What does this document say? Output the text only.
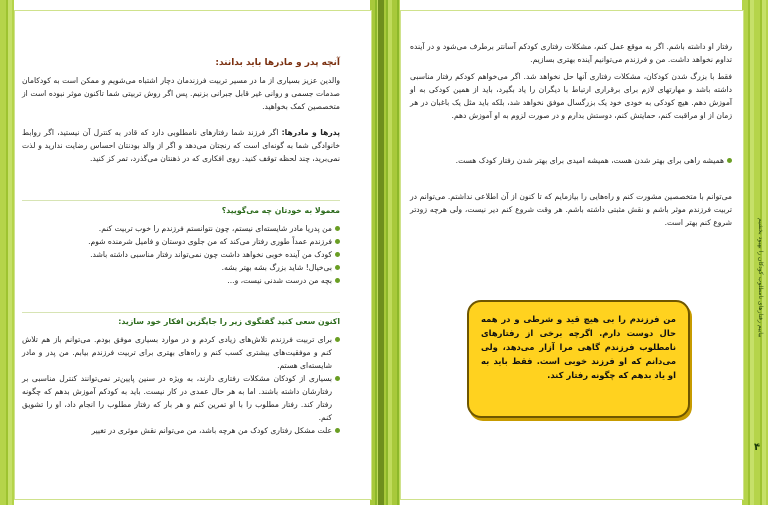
آنچه پدر و مادرها باید بدانند:

والدین عزیز بسیاری از ما در مسیر تربیت فرزندمان دچار اشتباه می‌شویم و ممکن است به کودکامان صدمات جسمی و روانی غیر قابل جبرانی بزنیم. پس اگر روش تربیتی شما تاکنون موثر نبوده است از متخصصین کمک بخواهید.

پدرها و مادرها: اگر فرزند شما رفتارهای نامطلوبی دارد که قادر به کنترل آن نیستید، اگر روابط خانوادگی شما به گونه‌ای است که رنجتان می‌دهد و اگر از والد بودنتان احساس رضایت ندارید و لذت نمی‌برید، چند لحظه توقف کنید. روی افکاری که در ذهنتان می‌گذرد، تمر کز کنید.

معمولا به خودتان چه می‌گویید؟

من پدریا مادر شایسته‌ای نیستم، چون نتوانستم فرزندم را خوب تربیت کنم.

فرزندم عمداً طوری رفتار می‌کند که من جلوی دوستان و فامیل شرمنده شوم.

کودک من آینده خوبی نخواهد داشت چون نمی‌تواند رفتار مناسبی داشته باشد.

بی‌خیال! شاید بزرگ بشه بهتر بشه.

بچه من درست شدنی نیست، و...

اکنون سعی کنید گفتگوی زیر را جایگزین افکار خود سازید:

برای تربیت فرزندم تلاش‌های زیادی کردم و در موارد بسیاری موفق بودم. می‌توانم باز هم تلاش کنم و موفقیت‌های بیشتری کسب کنم و راه‌های بهتری برای تربیت فرزندم بیابم. من پدر و مادر شایسته‌ای هستم.

بسیاری از کودکان مشکلات رفتاری دارند، به ویژه در سنین پایین‌تر نمی‌توانند کنترل مناسبی بر رفتارشان داشته باشند. اما به هر حال عمدی در کار نیست. باید به کودکم آموزش بدهم که چگونه رفتار کند. رفتار مطلوب را با او تمرین کنم و هر بار که رفتار مطلوب را انجام داد، او را تشویق کنم.

علت مشکل رفتاری کودک من هرچه باشد، من می‌توانم نقش موثری در تغییر

رفتار او داشته باشم. اگر به موقع عمل کنم، مشکلات رفتاری کودکم آسانتر برطرف می‌شود و در آینده تداوم نخواهد داشت. من و فرزندم می‌توانیم آینده بهتری بسازیم.

فقط با بزرگ شدن کودکان، مشکلات رفتاری آنها حل نخواهد شد. اگر می‌خواهم کودکم رفتار مناسبی داشته باشد و مهارتهای لازم برای برقراری ارتباط با دیگران را یاد بگیرد، باید از همین کودکی به او آموزش دهم. هیچ کودکی به خودی خود یک بزرگسال موفق نخواهد شد، بلکه باید مثل یک باغبان در هر زمان از او مراقبت کنم، حمایتش کنم، دوستش بدارم و در صورت لزوم به او آموزش دهم.

همیشه راهی برای بهتر شدن هست، همیشه امیدی برای بهتر شدن رفتار کودک هست.

می‌توانم با متخصصین مشورت کنم و راه‌هایی را بیازمایم که تا کنون از آن اطلاعی نداشتم. می‌توانم در تربیت فرزندم موثر باشم و نقش مثبتی داشته باشم. هر وقت شروع کنم دیر نیست، ولی هرچه زودتر شروع کنم بهتر است.

من فرزندم را بی هیچ قید و شرطی و در همه حال دوست دارم. اگرچه برخی از رفتارهای نامطلوب فرزندم گاهی مرا آزار می‌دهد، ولی می‌دانم که او فرزند خوبی است. فقط باید به او یاد بدهم که چگونه رفتار کند.

بیاییم رفتارهای نامطلوب کودکان را بهبود بخشیم
۴
